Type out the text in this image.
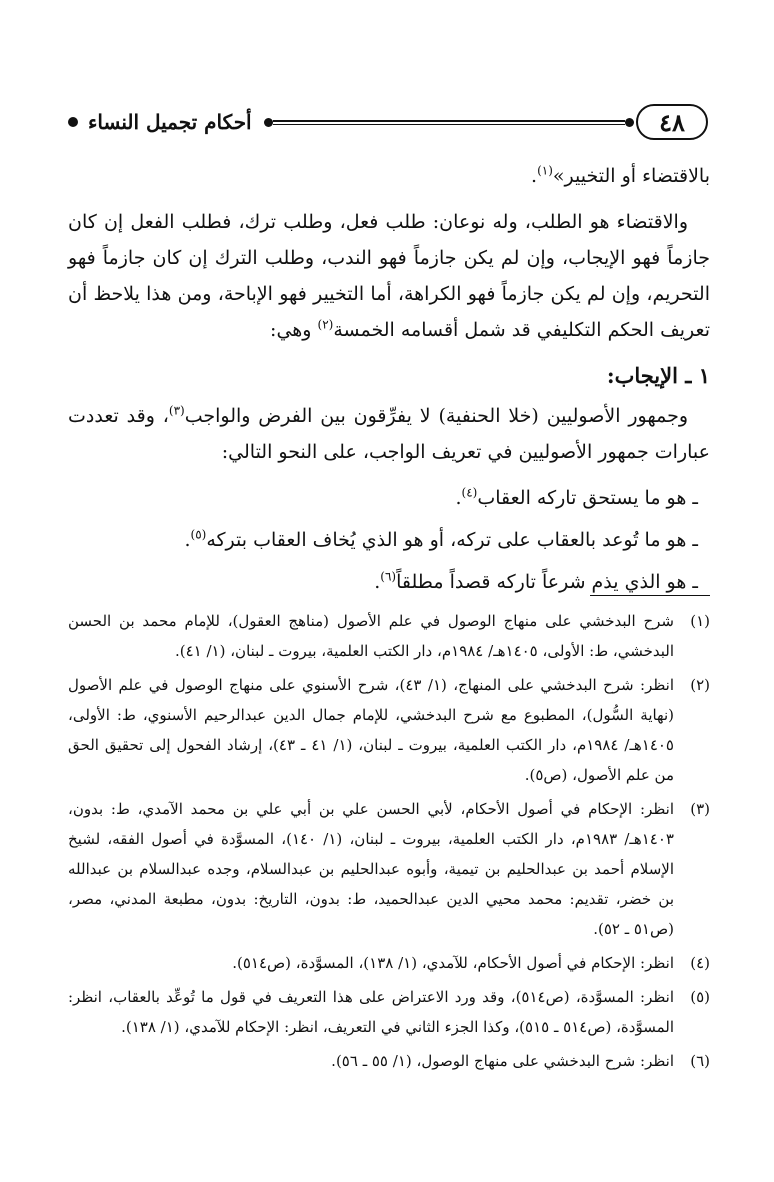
٤٨
أحكام تجميل النساء

بالاقتضاء أو التخيير»$^{(١)}$.

والاقتضاء هو الطلب، وله نوعان: طلب فعل، وطلب ترك، فطلب الفعل إن كان جازماً فهو الإيجاب، وإن لم يكن جازماً فهو الندب، وطلب الترك إن كان جازماً فهو التحريم، وإن لم يكن جازماً فهو الكراهة، أما التخيير فهو الإباحة، ومن هذا يلاحظ أن تعريف الحكم التكليفي قد شمل أقسامه الخمسة$^{(٢)}$ وهي:

١ ـ الإيجاب:

وجمهور الأصوليين (خلا الحنفية) لا يفرِّقون بين الفرض والواجب$^{(٣)}$، وقد تعددت عبارات جمهور الأصوليين في تعريف الواجب، على النحو التالي:

ـ هو ما يستحق تاركه العقاب$^{(٤)}$.
ـ هو ما تُوعد بالعقاب على تركه، أو هو الذي يُخاف العقاب بتركه$^{(٥)}$.
ـ هو الذي يذم شرعاً تاركه قصداً مطلقاً$^{(٦)}$.
(١)
شرح البدخشي على منهاج الوصول في علم الأصول (مناهج العقول)، للإمام محمد بن الحسن البدخشي، ط: الأولى، ١٤٠٥هـ/ ١٩٨٤م، دار الكتب العلمية، بيروت ـ لبنان، (١/ ٤١).
(٢)
انظر: شرح البدخشي على المنهاج، (١/ ٤٣)، شرح الأسنوي على منهاج الوصول في علم الأصول (نهاية السُّول)، المطبوع مع شرح البدخشي، للإمام جمال الدين عبدالرحيم الأسنوي، ط: الأولى، ١٤٠٥هـ/ ١٩٨٤م، دار الكتب العلمية، بيروت ـ لبنان، (١/ ٤١ ـ ٤٣)، إرشاد الفحول إلى تحقيق الحق من علم الأصول، (ص٥).
(٣)
انظر: الإحكام في أصول الأحكام، لأبي الحسن علي بن أبي علي بن محمد الآمدي، ط: بدون، ١٤٠٣هـ/ ١٩٨٣م، دار الكتب العلمية، بيروت ـ لبنان، (١/ ١٤٠)، المسوَّدة في أصول الفقه، لشيخ الإسلام أحمد بن عبدالحليم بن تيمية، وأبوه عبدالحليم بن عبدالسلام، وجده عبدالسلام بن عبدالله بن خضر، تقديم: محمد محيي الدين عبدالحميد، ط: بدون، التاريخ: بدون، مطبعة المدني، مصر، (ص٥١ ـ ٥٢).
(٤)
انظر: الإحكام في أصول الأحكام، للآمدي، (١/ ١٣٨)، المسوَّدة، (ص٥١٤).
(٥)
انظر: المسوَّدة، (ص٥١٤)، وقد ورد الاعتراض على هذا التعريف في قول ما تُوعِّد بالعقاب، انظر: المسوَّدة، (ص٥١٤ ـ ٥١٥)، وكذا الجزء الثاني في التعريف، انظر: الإحكام للآمدي، (١/ ١٣٨).
(٦)
انظر: شرح البدخشي على منهاج الوصول، (١/ ٥٥ ـ ٥٦).
